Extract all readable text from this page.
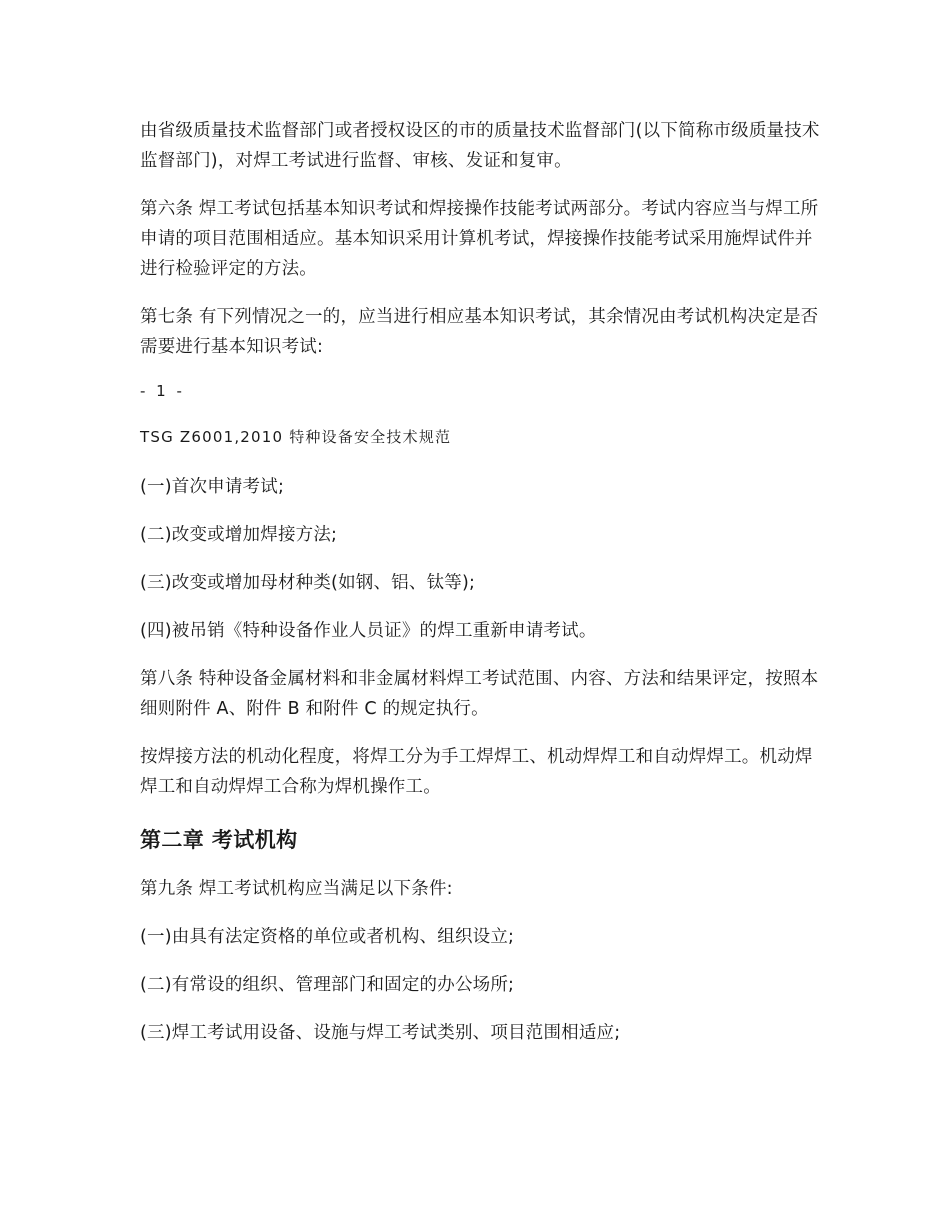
由省级质量技术监督部门或者授权设区的市的质量技术监督部门(以下简称市级质量技术监督部门)，对焊工考试进行监督、审核、发证和复审。

第六条 焊工考试包括基本知识考试和焊接操作技能考试两部分。考试内容应当与焊工所申请的项目范围相适应。基本知识采用计算机考试，焊接操作技能考试采用施焊试件并进行检验评定的方法。

第七条 有下列情况之一的，应当进行相应基本知识考试，其余情况由考试机构决定是否需要进行基本知识考试:

- 1 -
TSG Z6001,2010 特种设备安全技术规范

(一)首次申请考试;

(二)改变或增加焊接方法;

(三)改变或增加母材种类(如钢、铝、钛等);

(四)被吊销《特种设备作业人员证》的焊工重新申请考试。

第八条 特种设备金属材料和非金属材料焊工考试范围、内容、方法和结果评定，按照本细则附件 A、附件 B 和附件 C 的规定执行。

按焊接方法的机动化程度，将焊工分为手工焊焊工、机动焊焊工和自动焊焊工。机动焊焊工和自动焊焊工合称为焊机操作工。

第二章 考试机构

第九条 焊工考试机构应当满足以下条件:

(一)由具有法定资格的单位或者机构、组织设立;

(二)有常设的组织、管理部门和固定的办公场所;

(三)焊工考试用设备、设施与焊工考试类别、项目范围相适应;
